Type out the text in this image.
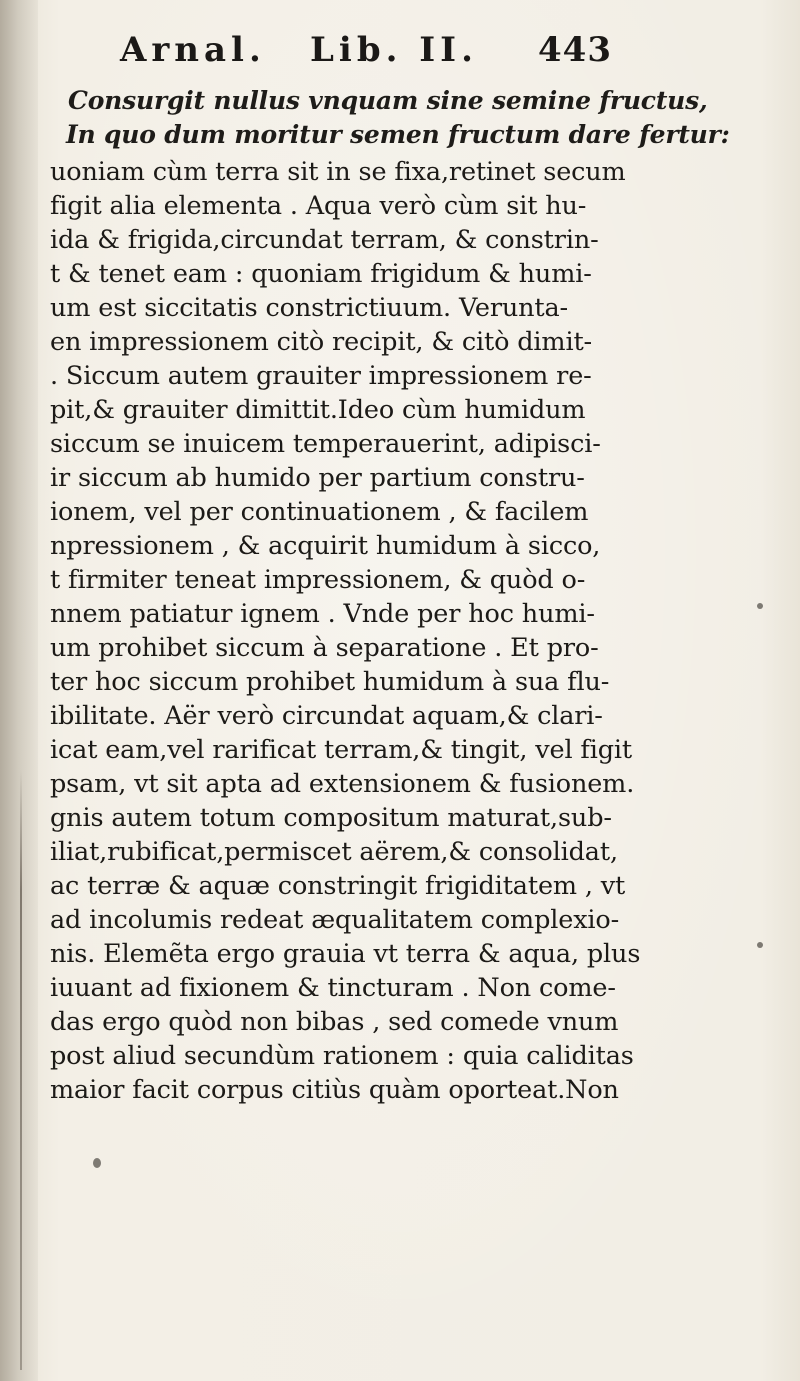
Arnal. Lib. II. 443
Consurgit nullus vnquam sine semine fructus,
In quo dum moritur semen fructum dare fertur:
uoniam cùm terra sit in se fixa,retinet secum
figit alia elementa . Aqua verò cùm sit hu-
ida & frigida,circundat terram, & constrin-
t & tenet eam : quoniam frigidum & humi-
um est siccitatis constrictiuum. Verunta-
en impressionem citò recipit, & citò dimit-
. Siccum autem grauiter impressionem re-
pit,& grauiter dimittit.Ideo cùm humidum
siccum se inuicem temperauerint, adipisci-
ir siccum ab humido per partium constru-
ionem, vel per continuationem , & facilem
npressionem , & acquirit humidum à sicco,
t firmiter teneat impressionem, & quòd o-
nnem patiatur ignem . Vnde per hoc humi-
um prohibet siccum à separatione . Et pro-
ter hoc siccum prohibet humidum à sua flu-
ibilitate. Aër verò circundat aquam,& clari-
icat eam,vel rarificat terram,& tingit, vel figit
psam, vt sit apta ad extensionem & fusionem.
gnis autem totum compositum maturat,sub-
iliat,rubificat,permiscet aërem,& consolidat,
ac terræ & aquæ constringit frigiditatem , vt
ad incolumis redeat æqualitatem complexio-
nis. Elemẽta ergo grauia vt terra & aqua, plus
iuuant ad fixionem & tincturam . Non come-
das ergo quòd non bibas , sed comede vnum
post aliud secundùm rationem : quia caliditas
maior facit corpus citiùs quàm oporteat.Non
